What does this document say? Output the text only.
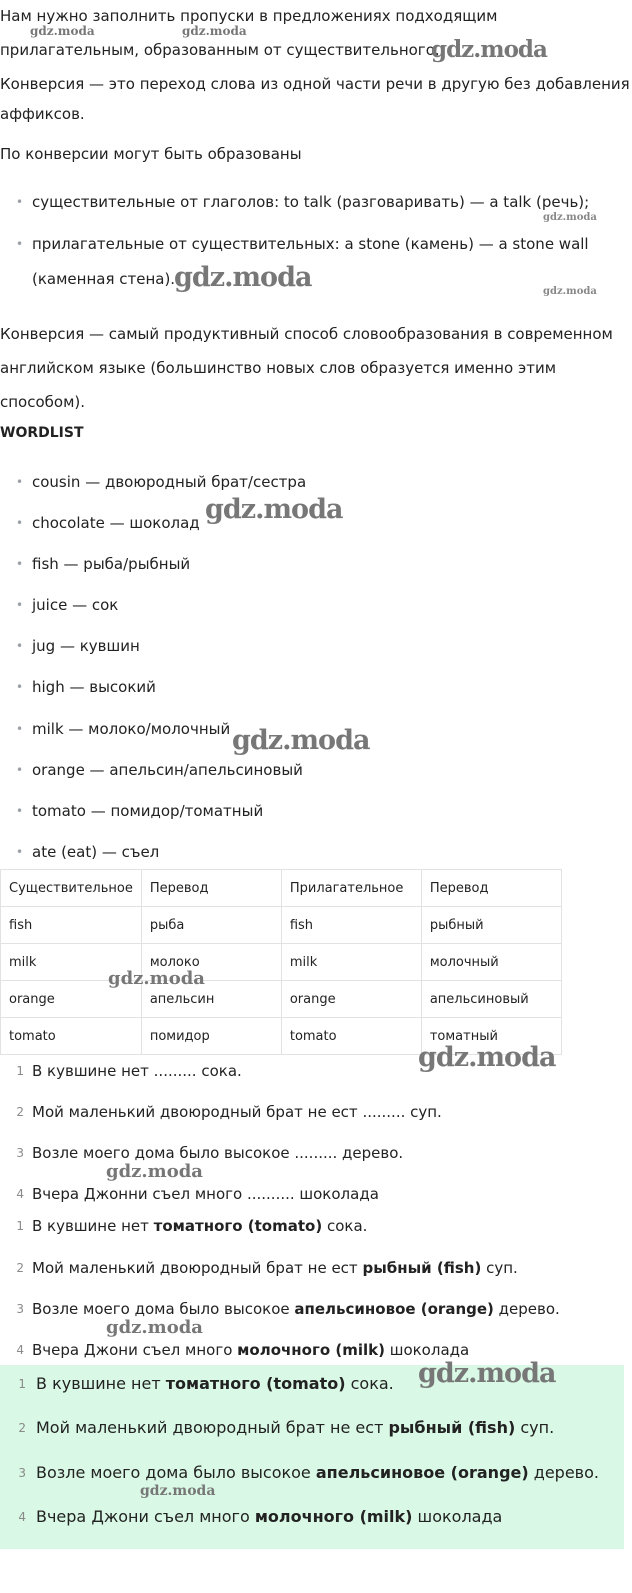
Нам нужно заполнить пропуски в предложениях подходящим

прилагательным, образованным от существительного.

Конверсия — это переход слова из одной части речи в другую без добавления

аффиксов.

По конверсии могут быть образованы

• существительные от глаголов: to talk (разговаривать) — a talk (речь);
• прилагательные от существительных: a stone (камень) — a stone wall
(каменная стена).

Конверсия — самый продуктивный способ словообразования в современном

английском языке (большинство новых слов образуется именно этим

способом).

WORDLIST

• cousin — двоюродный брат/сестра
• chocolate — шоколад
• fish — рыба/рыбный
• juice — сок
• jug — кувшин
• high — высокий
• milk — молоко/молочный
• orange — апельсин/апельсиновый
• tomato — помидор/томатный
• ate (eat) — съел
Существительное	Перевод	Прилагательное	Перевод
fish	рыба	fish	рыбный
milk	молоко	milk	молочный
orange	апельсин	orange	апельсиновый
tomato	помидор	tomato	томатный
1 В кувшине нет ......... сока.
2 Мой маленький двоюродный брат не ест ......... суп.
3 Возле моего дома было высокое ......... дерево.
4 Вчера Джонни съел много .......... шоколада
1 В кувшине нет томатного (tomato) сока.
2 Мой маленький двоюродный брат не ест рыбный (fish) суп.
3 Возле моего дома было высокое апельсиновое (orange) дерево.
4 Вчера Джони съел много молочного (milk) шоколада
1 В кувшине нет томатного (tomato) сока.
2 Мой маленький двоюродный брат не ест рыбный (fish) суп.
3 Возле моего дома было высокое апельсиновое (orange) дерево.
4 Вчера Джони съел много молочного (milk) шоколада
gdz.moda	gdz.moda
gdz.moda
gdz.moda
gdz.moda	gdz.moda
gdz.moda
gdz.moda
gdz.moda
gdz.moda
gdz.moda
gdz.moda
gdz.moda
gdz.moda
